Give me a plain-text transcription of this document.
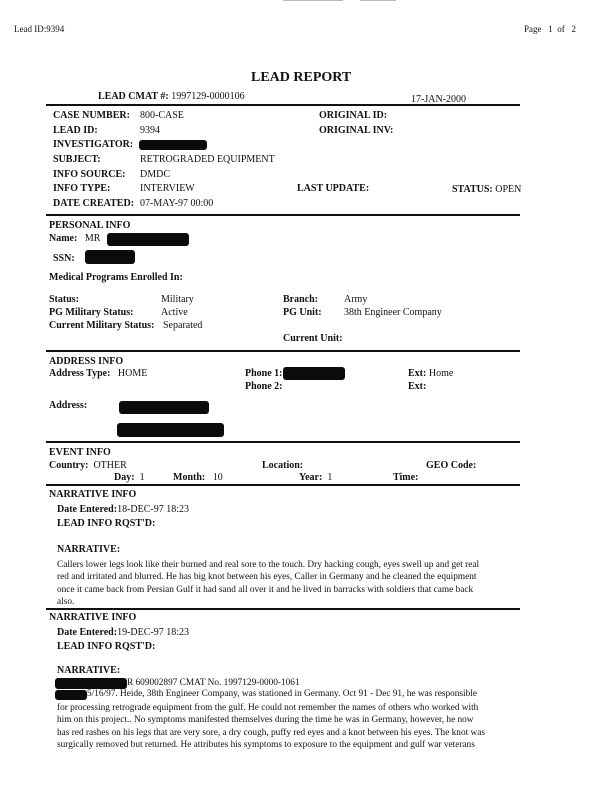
Lead ID:9394	Page 1 of 2
LEAD REPORT
LEAD CMAT #: 1997129-0000106	17-JAN-2000
CASE NUMBER: 800-CASE	ORIGINAL ID:
LEAD ID:	9394	ORIGINAL INV:
INVESTIGATOR:
SUBJECT:	RETROGRADED EQUIPMENT
INFO SOURCE: DMDC
INFO TYPE:	INTERVIEW	LAST UPDATE:	STATUS: OPEN
DATE CREATED: 07-MAY-97 00:00
PERSONAL INFO
Name: MR
SSN:
Medical Programs Enrolled In:
Status:	Military	Branch:	Army
PG Military Status:	Active	PG Unit: 38th Engineer Company
Current Military Status: Separated
Current Unit:
ADDRESS INFO
Address Type: HOME	Phone 1:	Ext: Home
Phone 2:	Ext:
Address:
EVENT INFO
Country: OTHER	Location:	GEO Code:
Day: 1	Month: 10	Year: 1	Time:
NARRATIVE INFO
Date Entered:18-DEC-97 18:23
LEAD INFO RQST'D:
NARRATIVE:
Callers lower legs look like their burned and real sore to the touch. Dry hacking cough, eyes swell up and get real
red and irritated and blurred. He has big knot between his eyes, Caller in Germany and he cleaned the equipment
once it came back from Persian Gulf it had sand all over it and he lived in barracks with soldiers that came back
also.
NARRATIVE INFO
Date Entered:19-DEC-97 18:23
LEAD INFO RQST'D:
NARRATIVE:
R 609002897 CMAT No. 1997129-0000-1061
5/16/97. Heide, 38th Engineer Company, was stationed in Germany. Oct 91 - Dec 91, he was responsible
for processing retrograde equipment from the gulf. He could not remember the names of others who worked with
him on this project.. No symptoms manifested themselves during the time he was in Germany, however, he now
has red rashes on his legs that are very sore, a dry cough, puffy red eyes and a knot between his eyes. The knot was
surgically removed but returned. He attributes his symptoms to exposure to the equipment and gulf war veterans
